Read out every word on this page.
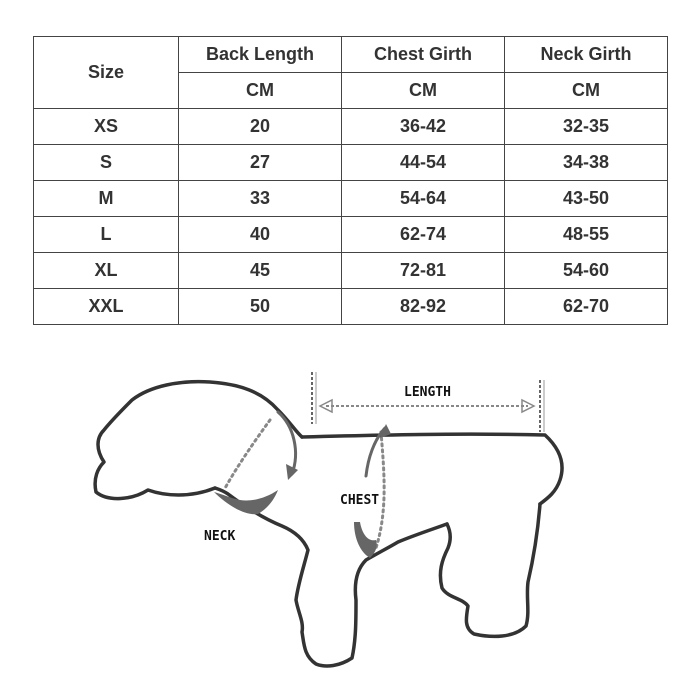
Size	Back Length	Chest Girth	Neck Girth
	CM	CM	CM
XS	20	36-42	32-35
S	27	44-54	34-38
M	33	54-64	43-50
L	40	62-74	48-55
XL	45	72-81	54-60
XXL	50	82-92	62-70
LENGTH
CHEST
NECK
